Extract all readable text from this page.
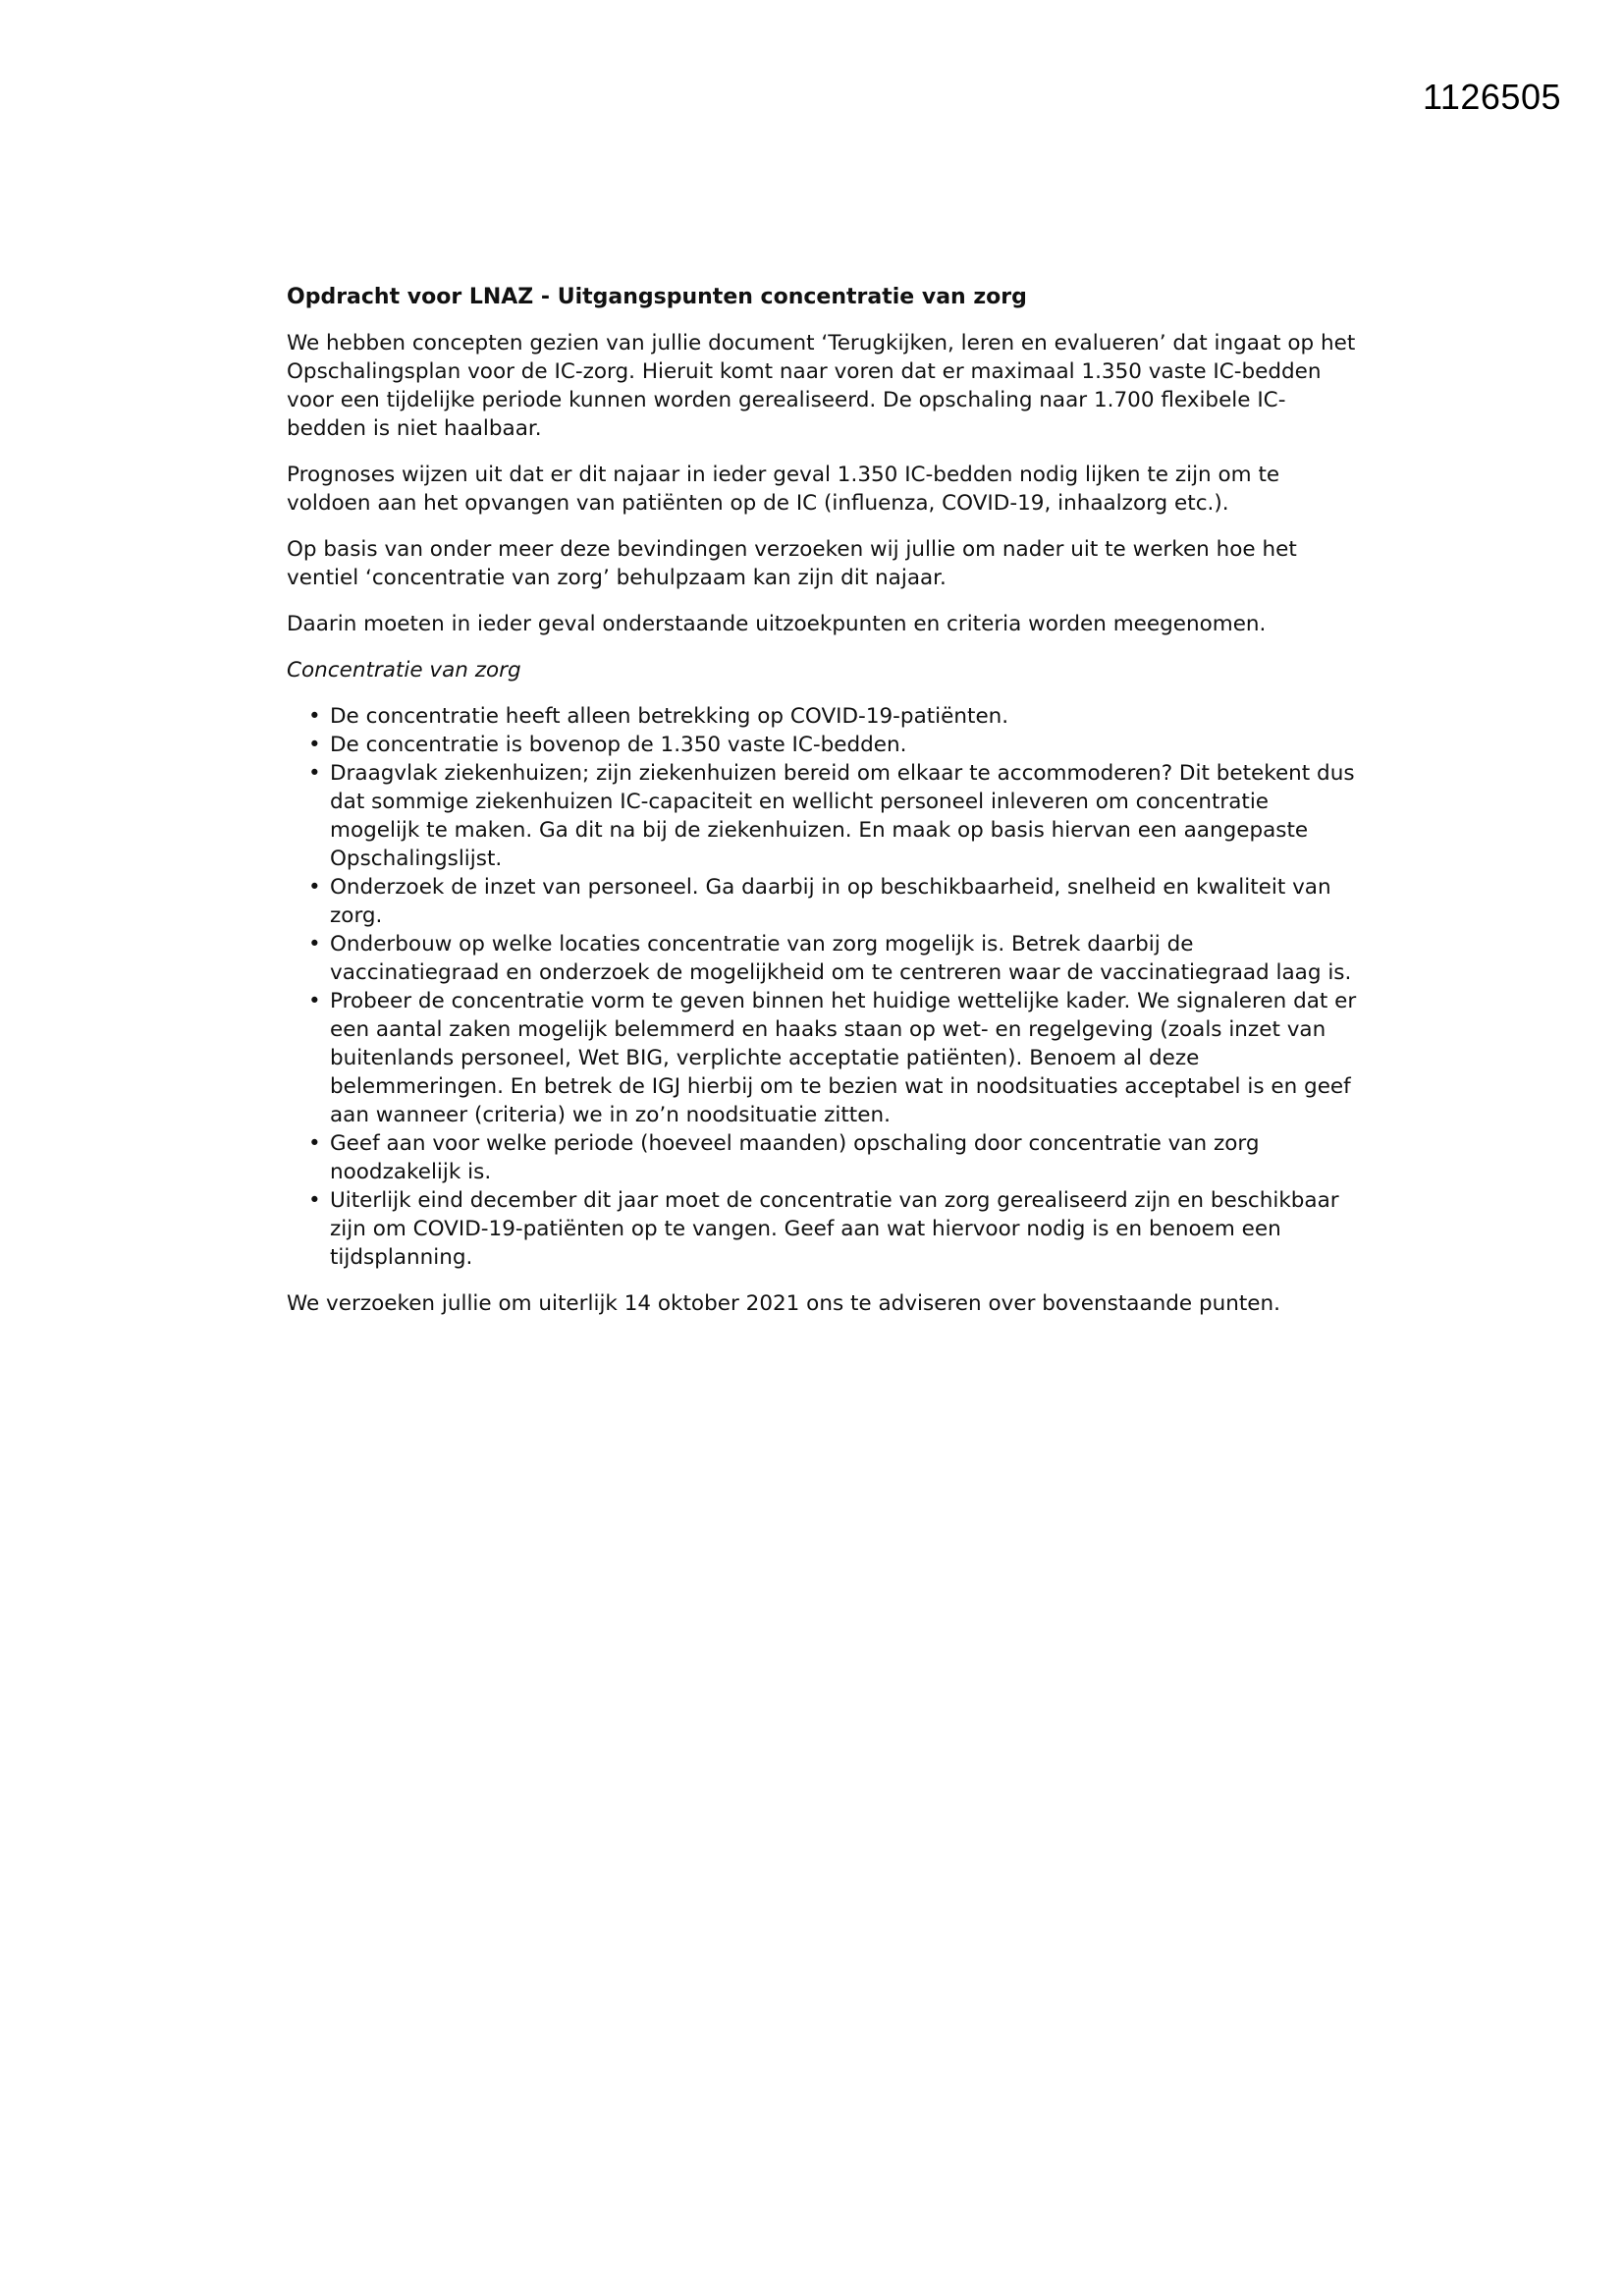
1126505
Opdracht voor LNAZ - Uitgangspunten concentratie van zorg

We hebben concepten gezien van jullie document ‘Terugkijken, leren en evalueren’ dat ingaat op het Opschalingsplan voor de IC-zorg. Hieruit komt naar voren dat er maximaal 1.350 vaste IC-bedden voor een tijdelijke periode kunnen worden gerealiseerd. De opschaling naar 1.700 flexibele IC-bedden is niet haalbaar.

Prognoses wijzen uit dat er dit najaar in ieder geval 1.350 IC-bedden nodig lijken te zijn om te voldoen aan het opvangen van patiënten op de IC (influenza, COVID-19, inhaalzorg etc.).

Op basis van onder meer deze bevindingen verzoeken wij jullie om nader uit te werken hoe het ventiel ‘concentratie van zorg’ behulpzaam kan zijn dit najaar.

Daarin moeten in ieder geval onderstaande uitzoekpunten en criteria worden meegenomen.

Concentratie van zorg
• De concentratie heeft alleen betrekking op COVID-19-patiënten.
• De concentratie is bovenop de 1.350 vaste IC-bedden.
• Draagvlak ziekenhuizen; zijn ziekenhuizen bereid om elkaar te accommoderen? Dit betekent dus dat sommige ziekenhuizen IC-capaciteit en wellicht personeel inleveren om concentratie mogelijk te maken. Ga dit na bij de ziekenhuizen. En maak op basis hiervan een aangepaste Opschalingslijst.
• Onderzoek de inzet van personeel. Ga daarbij in op beschikbaarheid, snelheid en kwaliteit van zorg.
• Onderbouw op welke locaties concentratie van zorg mogelijk is. Betrek daarbij de vaccinatiegraad en onderzoek de mogelijkheid om te centreren waar de vaccinatiegraad laag is.
• Probeer de concentratie vorm te geven binnen het huidige wettelijke kader. We signaleren dat er een aantal zaken mogelijk belemmerd en haaks staan op wet- en regelgeving (zoals inzet van buitenlands personeel, Wet BIG, verplichte acceptatie patiënten). Benoem al deze belemmeringen. En betrek de IGJ hierbij om te bezien wat in noodsituaties acceptabel is en geef aan wanneer (criteria) we in zo’n noodsituatie zitten.
• Geef aan voor welke periode (hoeveel maanden) opschaling door concentratie van zorg noodzakelijk is.
• Uiterlijk eind december dit jaar moet de concentratie van zorg gerealiseerd zijn en beschikbaar zijn om COVID-19-patiënten op te vangen. Geef aan wat hiervoor nodig is en benoem een tijdsplanning.

We verzoeken jullie om uiterlijk 14 oktober 2021 ons te adviseren over bovenstaande punten.
